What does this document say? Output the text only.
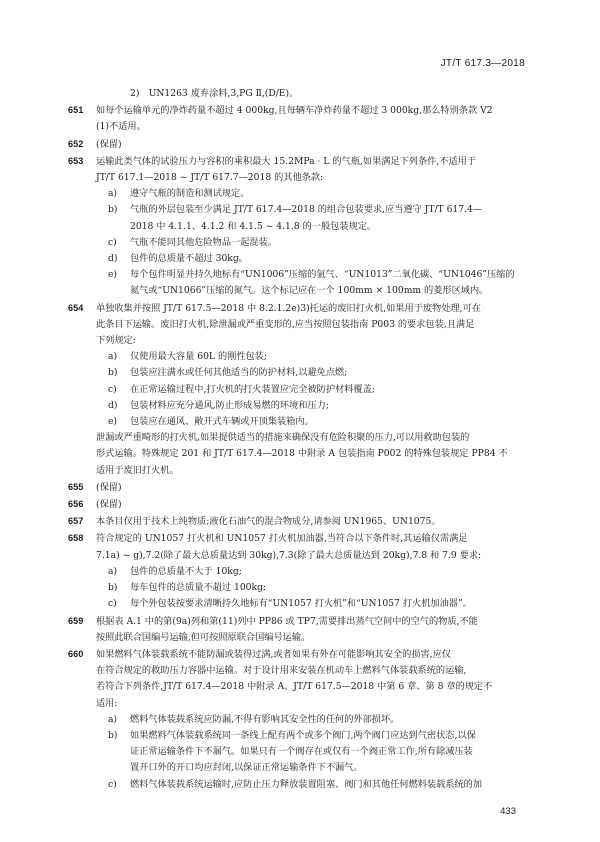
JT/T 617.3—2018
2)　UN1263 废弃涂料,3,PG Ⅱ,(D/E)。
651 如每个运输单元的净炸药量不超过 4 000kg,且每辆车净炸药量不超过 3 000kg,那么特别条款 V2
(1)不适用。
652 (保留)
653 运输此类气体的试验压力与容积的乘积最大 15.2MPa · L 的气瓶,如果满足下列条件,不适用于
JT/T 617.1—2018 ~ JT/T 617.7—2018 的其他条款:
a) 遵守气瓶的制造和测试规定。
b) 气瓶的外层包装至少满足 JT/T 617.4—2018 的组合包装要求,应当遵守 JT/T 617.4—
2018 中 4.1.1、4.1.2 和 4.1.5 ~ 4.1.8 的一般包装规定。
c) 气瓶不能同其他危险物品一起混装。
d) 包件的总质量不超过 30kg。
e) 每个包件明显并持久地标有“UN1006”压缩的氩气、“UN1013”二氧化碳、“UN1046”压缩的
氦气或“UN1066”压缩的氮气。这个标记应在一个 100mm × 100mm 的菱形区域内。
654 单独收集并按照 JT/T 617.5—2018 中 8.2.1.2e)3)托运的废旧打火机,如果用于废物处理,可在
此条目下运输。废旧打火机,除泄漏或严重变形的,应当按照包装指南 P003 的要求包装,且满足
下列规定:
a) 仅使用最大容量 60L 的刚性包装;
b) 包装应注满水或任何其他适当的防护材料,以避免点燃;
c) 在正常运输过程中,打火机的打火装置应完全被防护材料覆盖;
d) 包装材料应充分通风,防止形成易燃的环境和压力;
e) 包装应在通风、敞开式车辆或开顶集装箱内。
泄漏或严重畸形的打火机,如果提供适当的措施来确保没有危险积聚的压力,可以用救助包装的
形式运输。特殊规定 201 和 JT/T 617.4—2018 中附录 A 包装指南 P002 的特殊包装规定 PP84 不
适用于废旧打火机。
655 (保留)
656 (保留)
657 本条目仅用于技术上纯物质;液化石油气的混合物成分,请参阅 UN1965、UN1075。
658 符合规定的 UN1057 打火机和 UN1057 打火机加油器,当符合以下条件时,其运输仅需满足
7.1a) ~ g),7.2(除了最大总质量达到 30kg),7.3(除了最大总质量达到 20kg),7.8 和 7.9 要求:
a) 包件的总质量不大于 10kg;
b) 每车包件的总质量不超过 100kg;
c) 每个外包装按要求清晰持久地标有“UN1057 打火机”和“UN1057 打火机加油器”。
659 根据表 A.1 中的第(9a)列和第(11)列中 PP86 或 TP7,需要排出蒸气空间中的空气的物质,不能
按照此联合国编号运输,但可按照原联合国编号运输。
660 如果燃料气体装载系统不能防漏或装得过满,或者如果有外在可能影响其安全的损害,应仅
在符合规定的救助压力容器中运输。对于设计用来安装在机动车上燃料气体装载系统的运输,
若符合下列条件,JT/T 617.4—2018 中附录 A、JT/T 617.5—2018 中第 6 章、第 8 章的规定不
适用:
a) 燃料气体装载系统应防漏,不得有影响其安全性的任何的外部损坏。
b) 如果燃料气体装载系统同一条线上配有两个或多个阀门,两个阀门应达到气密状态,以保
证正常运输条件下不漏气。如果只有一个阀存在或仅有一个阀正常工作,所有除减压装
置开口外的开口均应封闭,以保证正常运输条件下不漏气。
c) 燃料气体装载系统运输时,应防止压力释放装置阻塞、阀门和其他任何燃料装载系统的加
433
